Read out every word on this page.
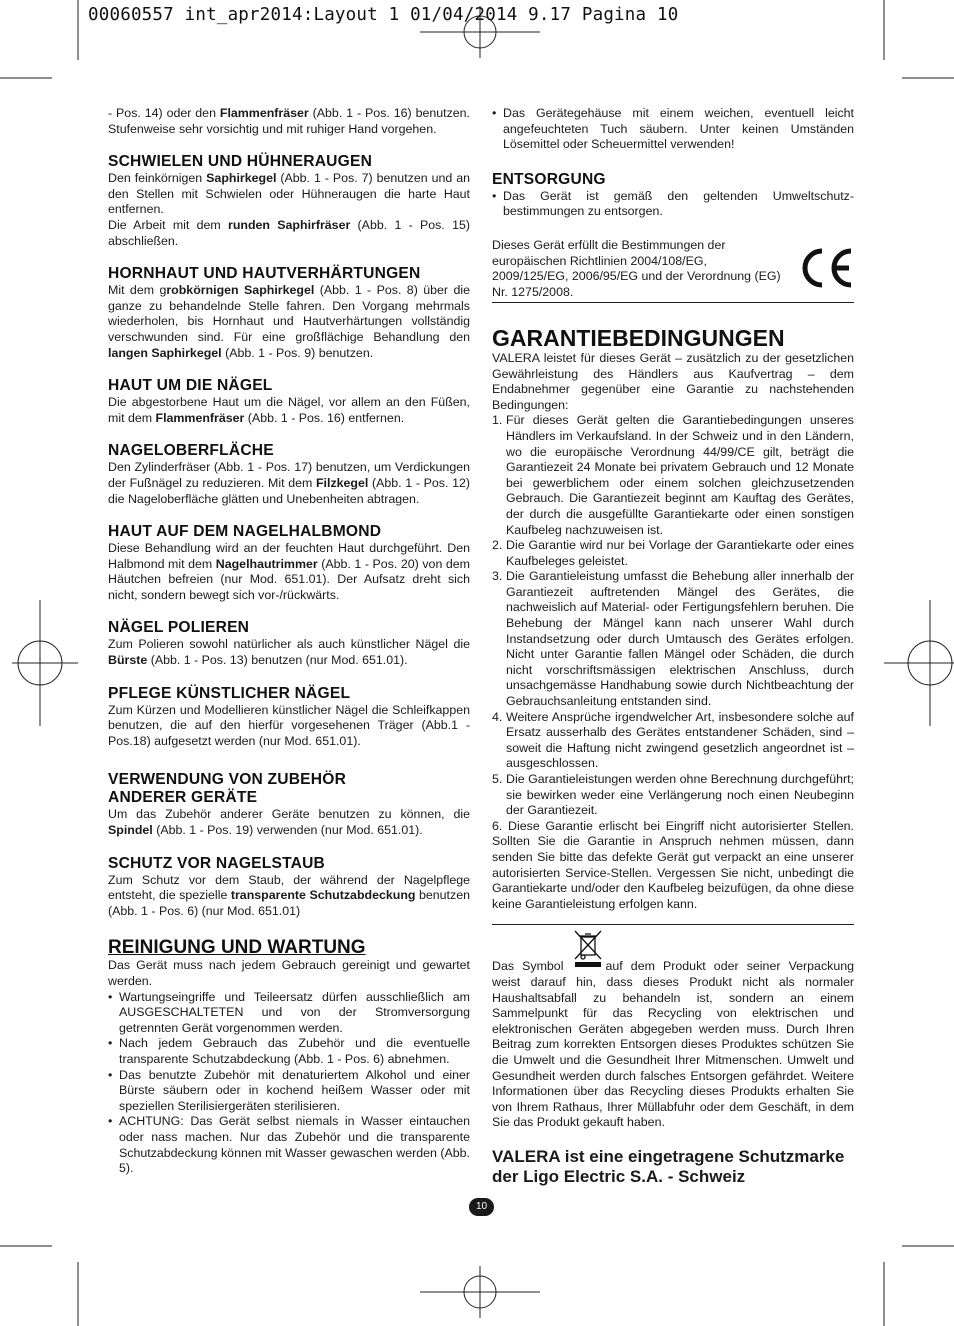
00060557 int_apr2014:Layout 1 01/04/2014 9.17 Pagina 10

- Pos. 14) oder den Flammenfräser (Abb. 1 - Pos. 16) benutzen. Stufenweise sehr vorsichtig und mit ruhiger Hand vorgehen.

SCHWIELEN UND HÜHNERAUGEN

Den feinkörnigen Saphirkegel (Abb. 1 - Pos. 7) benutzen und an den Stellen mit Schwielen oder Hühneraugen die harte Haut entfernen.

Die Arbeit mit dem runden Saphirfräser (Abb. 1 - Pos. 15) abschließen.

HORNHAUT UND HAUTVERHÄRTUNGEN

Mit dem grobkörnigen Saphirkegel (Abb. 1 - Pos. 8) über die ganze zu behandelnde Stelle fahren. Den Vorgang mehrmals wiederholen, bis Hornhaut und Hautverhärtungen vollständig verschwunden sind. Für eine großflächige Behandlung den langen Saphirkegel (Abb. 1 - Pos. 9) benutzen.

HAUT UM DIE NÄGEL

Die abgestorbene Haut um die Nägel, vor allem an den Füßen, mit dem Flammenfräser (Abb. 1 - Pos. 16) entfernen.

NAGELOBERFLÄCHE

Den Zylinderfräser (Abb. 1 - Pos. 17) benutzen, um Verdickungen der Fußnägel zu reduzieren. Mit dem Filzkegel (Abb. 1 - Pos. 12) die Nageloberfläche glätten und Unebenheiten abtragen.

HAUT AUF DEM NAGELHALBMOND

Diese Behandlung wird an der feuchten Haut durchgeführt. Den Halbmond mit dem Nagelhautrimmer (Abb. 1 - Pos. 20) von dem Häutchen befreien (nur Mod. 651.01). Der Aufsatz dreht sich nicht, sondern bewegt sich vor-/rückwärts.

NÄGEL POLIEREN

Zum Polieren sowohl natürlicher als auch künstlicher Nägel die Bürste (Abb. 1 - Pos. 13) benutzen (nur Mod. 651.01).

PFLEGE KÜNSTLICHER NÄGEL

Zum Kürzen und Modellieren künstlicher Nägel die Schleifkappen benutzen, die auf den hierfür vorgesehenen Träger (Abb.1 - Pos.18) aufgesetzt werden (nur Mod. 651.01).

VERWENDUNG VON ZUBEHÖR
ANDERER GERÄTE

Um das Zubehör anderer Geräte benutzen zu können, die Spindel (Abb. 1 - Pos. 19) verwenden (nur Mod. 651.01).

SCHUTZ VOR NAGELSTAUB

Zum Schutz vor dem Staub, der während der Nagelpflege entsteht, die spezielle transparente Schutzabdeckung benutzen (Abb. 1 - Pos. 6) (nur Mod. 651.01)

REINIGUNG UND WARTUNG

Das Gerät muss nach jedem Gebrauch gereinigt und gewartet werden.

• Wartungseingriffe und Teileersatz dürfen ausschließlich am AUSGESCHALTETEN und von der Stromversorgung getrennten Gerät vorgenommen werden.
• Nach jedem Gebrauch das Zubehör und die eventuelle transparente Schutzabdeckung (Abb. 1 - Pos. 6) abnehmen.
• Das benutzte Zubehör mit denaturiertem Alkohol und einer Bürste säubern oder in kochend heißem Wasser oder mit speziellen Sterilisiergeräten sterilisieren.
• ACHTUNG: Das Gerät selbst niemals in Wasser eintauchen oder nass machen. Nur das Zubehör und die transparente Schutzabdeckung können mit Wasser gewaschen werden (Abb. 5).
• Das Gerätegehäuse mit einem weichen, eventuell leicht angefeuchteten Tuch säubern. Unter keinen Umständen Lösemittel oder Scheuermittel verwenden!
ENTSORGUNG
• Das Gerät ist gemäß den geltenden Umweltschutz-bestimmungen zu entsorgen.
Dieses Gerät erfüllt die Bestimmungen der europäischen Richtlinien 2004/108/EG, 2009/125/EG, 2006/95/EG und der Verordnung (EG) Nr. 1275/2008.
GARANTIEBEDINGUNGEN

VALERA leistet für dieses Gerät – zusätzlich zu der gesetzlichen Gewährleistung des Händlers aus Kaufvertrag – dem Endabnehmer gegenüber eine Garantie zu nachstehenden Bedingungen:

1. Für dieses Gerät gelten die Garantiebedingungen unseres Händlers im Verkaufsland. In der Schweiz und in den Ländern, wo die europäische Verordnung 44/99/CE gilt, beträgt die Garantiezeit 24 Monate bei privatem Gebrauch und 12 Monate bei gewerblichem oder einem solchen gleichzusetzenden Gebrauch. Die Garantiezeit beginnt am Kauftag des Gerätes, der durch die ausgefüllte Garantiekarte oder einen sonstigen Kaufbeleg nachzuweisen ist.
2. Die Garantie wird nur bei Vorlage der Garantiekarte oder eines Kaufbeleges geleistet.
3. Die Garantieleistung umfasst die Behebung aller innerhalb der Garantiezeit auftretenden Mängel des Gerätes, die nachweislich auf Material- oder Fertigungsfehlern beruhen. Die Behebung der Mängel kann nach unserer Wahl durch Instandsetzung oder durch Umtausch des Gerätes erfolgen. Nicht unter Garantie fallen Mängel oder Schäden, die durch nicht vorschriftsmässigen elektrischen Anschluss, durch unsachgemässe Handhabung sowie durch Nichtbeachtung der Gebrauchsanleitung entstanden sind.
4. Weitere Ansprüche irgendwelcher Art, insbesondere solche auf Ersatz ausserhalb des Gerätes entstandener Schäden, sind – soweit die Haftung nicht zwingend gesetzlich angeordnet ist – ausgeschlossen.
5. Die Garantieleistungen werden ohne Berechnung durchgeführt; sie bewirken weder eine Verlängerung noch einen Neubeginn der Garantiezeit.
6. Diese Garantie erlischt bei Eingriff nicht autorisierter Stellen. Sollten Sie die Garantie in Anspruch nehmen müssen, dann senden Sie bitte das defekte Gerät gut verpackt an eine unserer autorisierten Service-Stellen. Vergessen Sie nicht, unbedingt die Garantiekarte und/oder den Kaufbeleg beizufügen, da ohne diese keine Garantieleistung erfolgen kann.

Das Symbol	auf dem Produkt oder seiner Verpackung weist darauf hin, dass dieses Produkt nicht als normaler Haushaltsabfall zu behandeln ist, sondern an einem Sammelpunkt für das Recycling von elektrischen und elektronischen Geräten abgegeben werden muss. Durch Ihren Beitrag zum korrekten Entsorgen dieses Produktes schützen Sie die Umwelt und die Gesundheit Ihrer Mitmenschen. Umwelt und Gesundheit werden durch falsches Entsorgen gefährdet. Weitere Informationen über das Recycling dieses Produkts erhalten Sie von Ihrem Rathaus, Ihrer Müllabfuhr oder dem Geschäft, in dem Sie das Produkt gekauft haben.

VALERA ist eine eingetragene Schutzmarke
der Ligo Electric S.A. - Schweiz
10
